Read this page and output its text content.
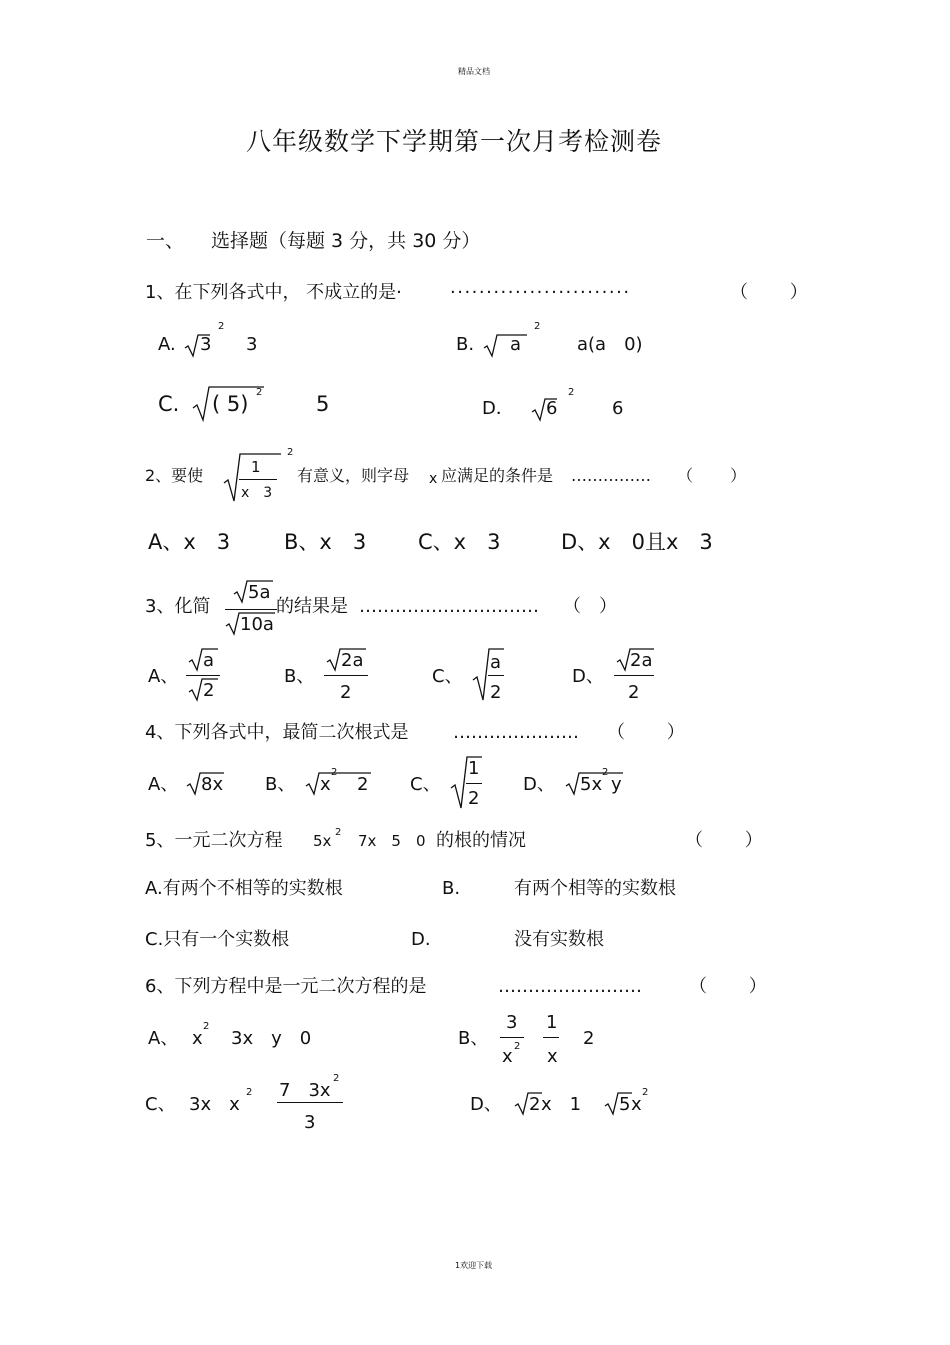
精品文档
八年级数学下学期第一次月考检测卷
一、 选择题（每题 3 分，共 30 分）
1、在下列各式中， 不成立的是·	·························	（　　 ）
A. 3
2
3	B. a
2
a(a　0)
C. ( 5) 2	5	D． 6
2
6
2、要使	1
x　3
2
有意义，则字母 x 应满足的条件是 …………… （　　 ）
A、x　3	B、x　3 C、x　3	D、x　0且x　3
3、化简
5a
10a
的结果是 ………………………… （　）
A、
a
2
B、
2a
2
C、
a
2
D、
2a
2
4、下列各式中，最简二次根式是 ………………… （　　 ）
A、 8x B、 x
2
2 C、
1
2
D、 5x
2
y
5、一元二次方程 5x 2 7x　5　0 的根的情况	（　　 ）
A.有两个不相等的实数根	B.	有两个相等的实数根
C.只有一个实数根	D.	没有实数根
6、下列方程中是一元二次方程的是	……………………	（　　 ）
A、 x
2
3x　y　0	B、
3
x 2
1
x
2
C、 3x　x
2 7　3x
2
3
D、 2 x　1 5 x
2
1欢迎下载
